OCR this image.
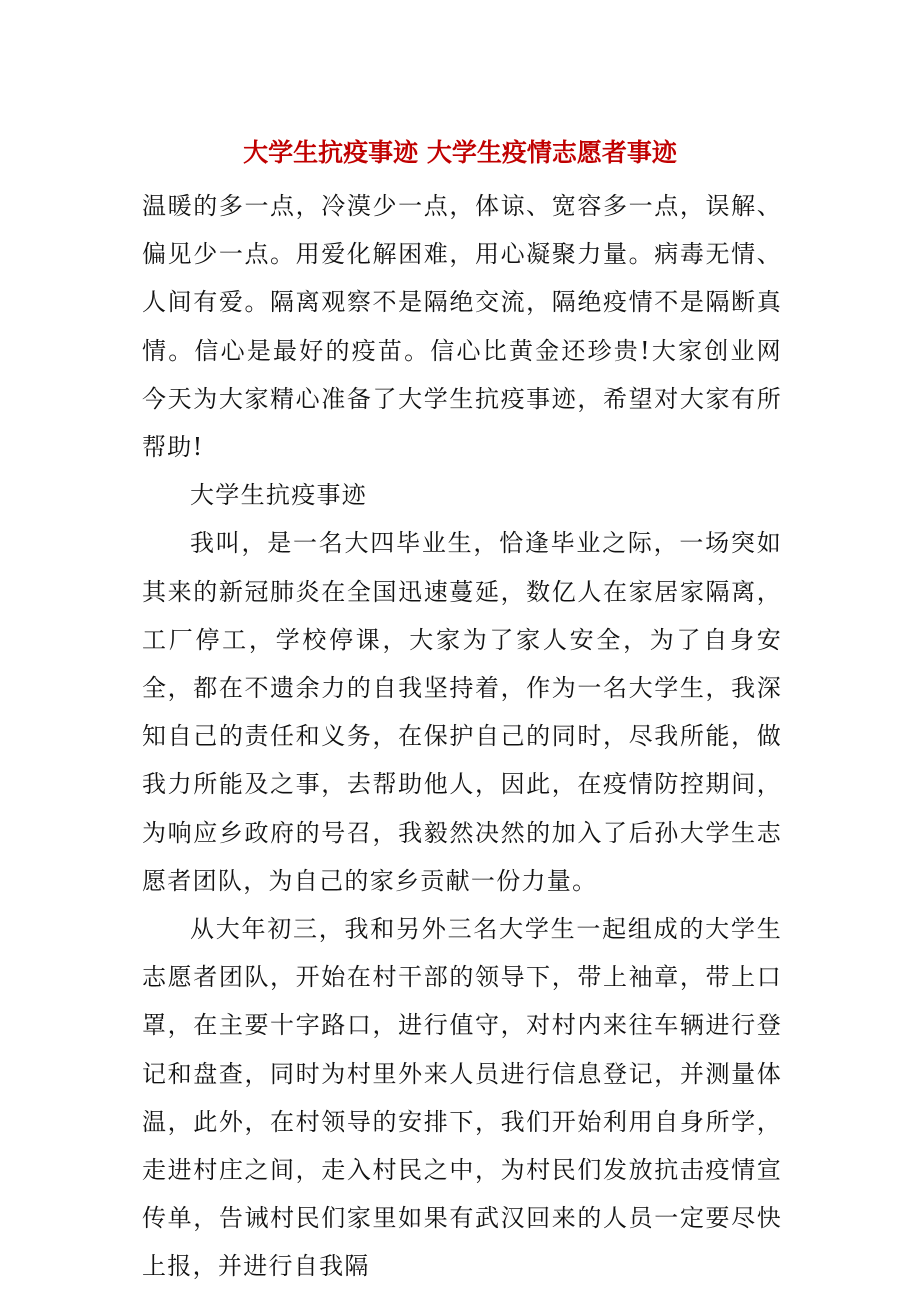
大学生抗疫事迹 大学生疫情志愿者事迹

温暖的多一点，冷漠少一点，体谅、宽容多一点，误解、偏见少一点。用爱化解困难，用心凝聚力量。病毒无情、人间有爱。隔离观察不是隔绝交流，隔绝疫情不是隔断真情。信心是最好的疫苗。信心比黄金还珍贵!大家创业网今天为大家精心准备了大学生抗疫事迹，希望对大家有所帮助!

大学生抗疫事迹

我叫，是一名大四毕业生，恰逢毕业之际，一场突如其来的新冠肺炎在全国迅速蔓延，数亿人在家居家隔离，工厂停工，学校停课，大家为了家人安全，为了自身安全，都在不遗余力的自我坚持着，作为一名大学生，我深知自己的责任和义务，在保护自己的同时，尽我所能，做我力所能及之事，去帮助他人，因此，在疫情防控期间，为响应乡政府的号召，我毅然决然的加入了后孙大学生志愿者团队，为自己的家乡贡献一份力量。

从大年初三，我和另外三名大学生一起组成的大学生志愿者团队，开始在村干部的领导下，带上袖章，带上口罩，在主要十字路口，进行值守，对村内来往车辆进行登记和盘查，同时为村里外来人员进行信息登记，并测量体温，此外，在村领导的安排下，我们开始利用自身所学，走进村庄之间，走入村民之中，为村民们发放抗击疫情宣传单，告诫村民们家里如果有武汉回来的人员一定要尽快上报，并进行自我隔
